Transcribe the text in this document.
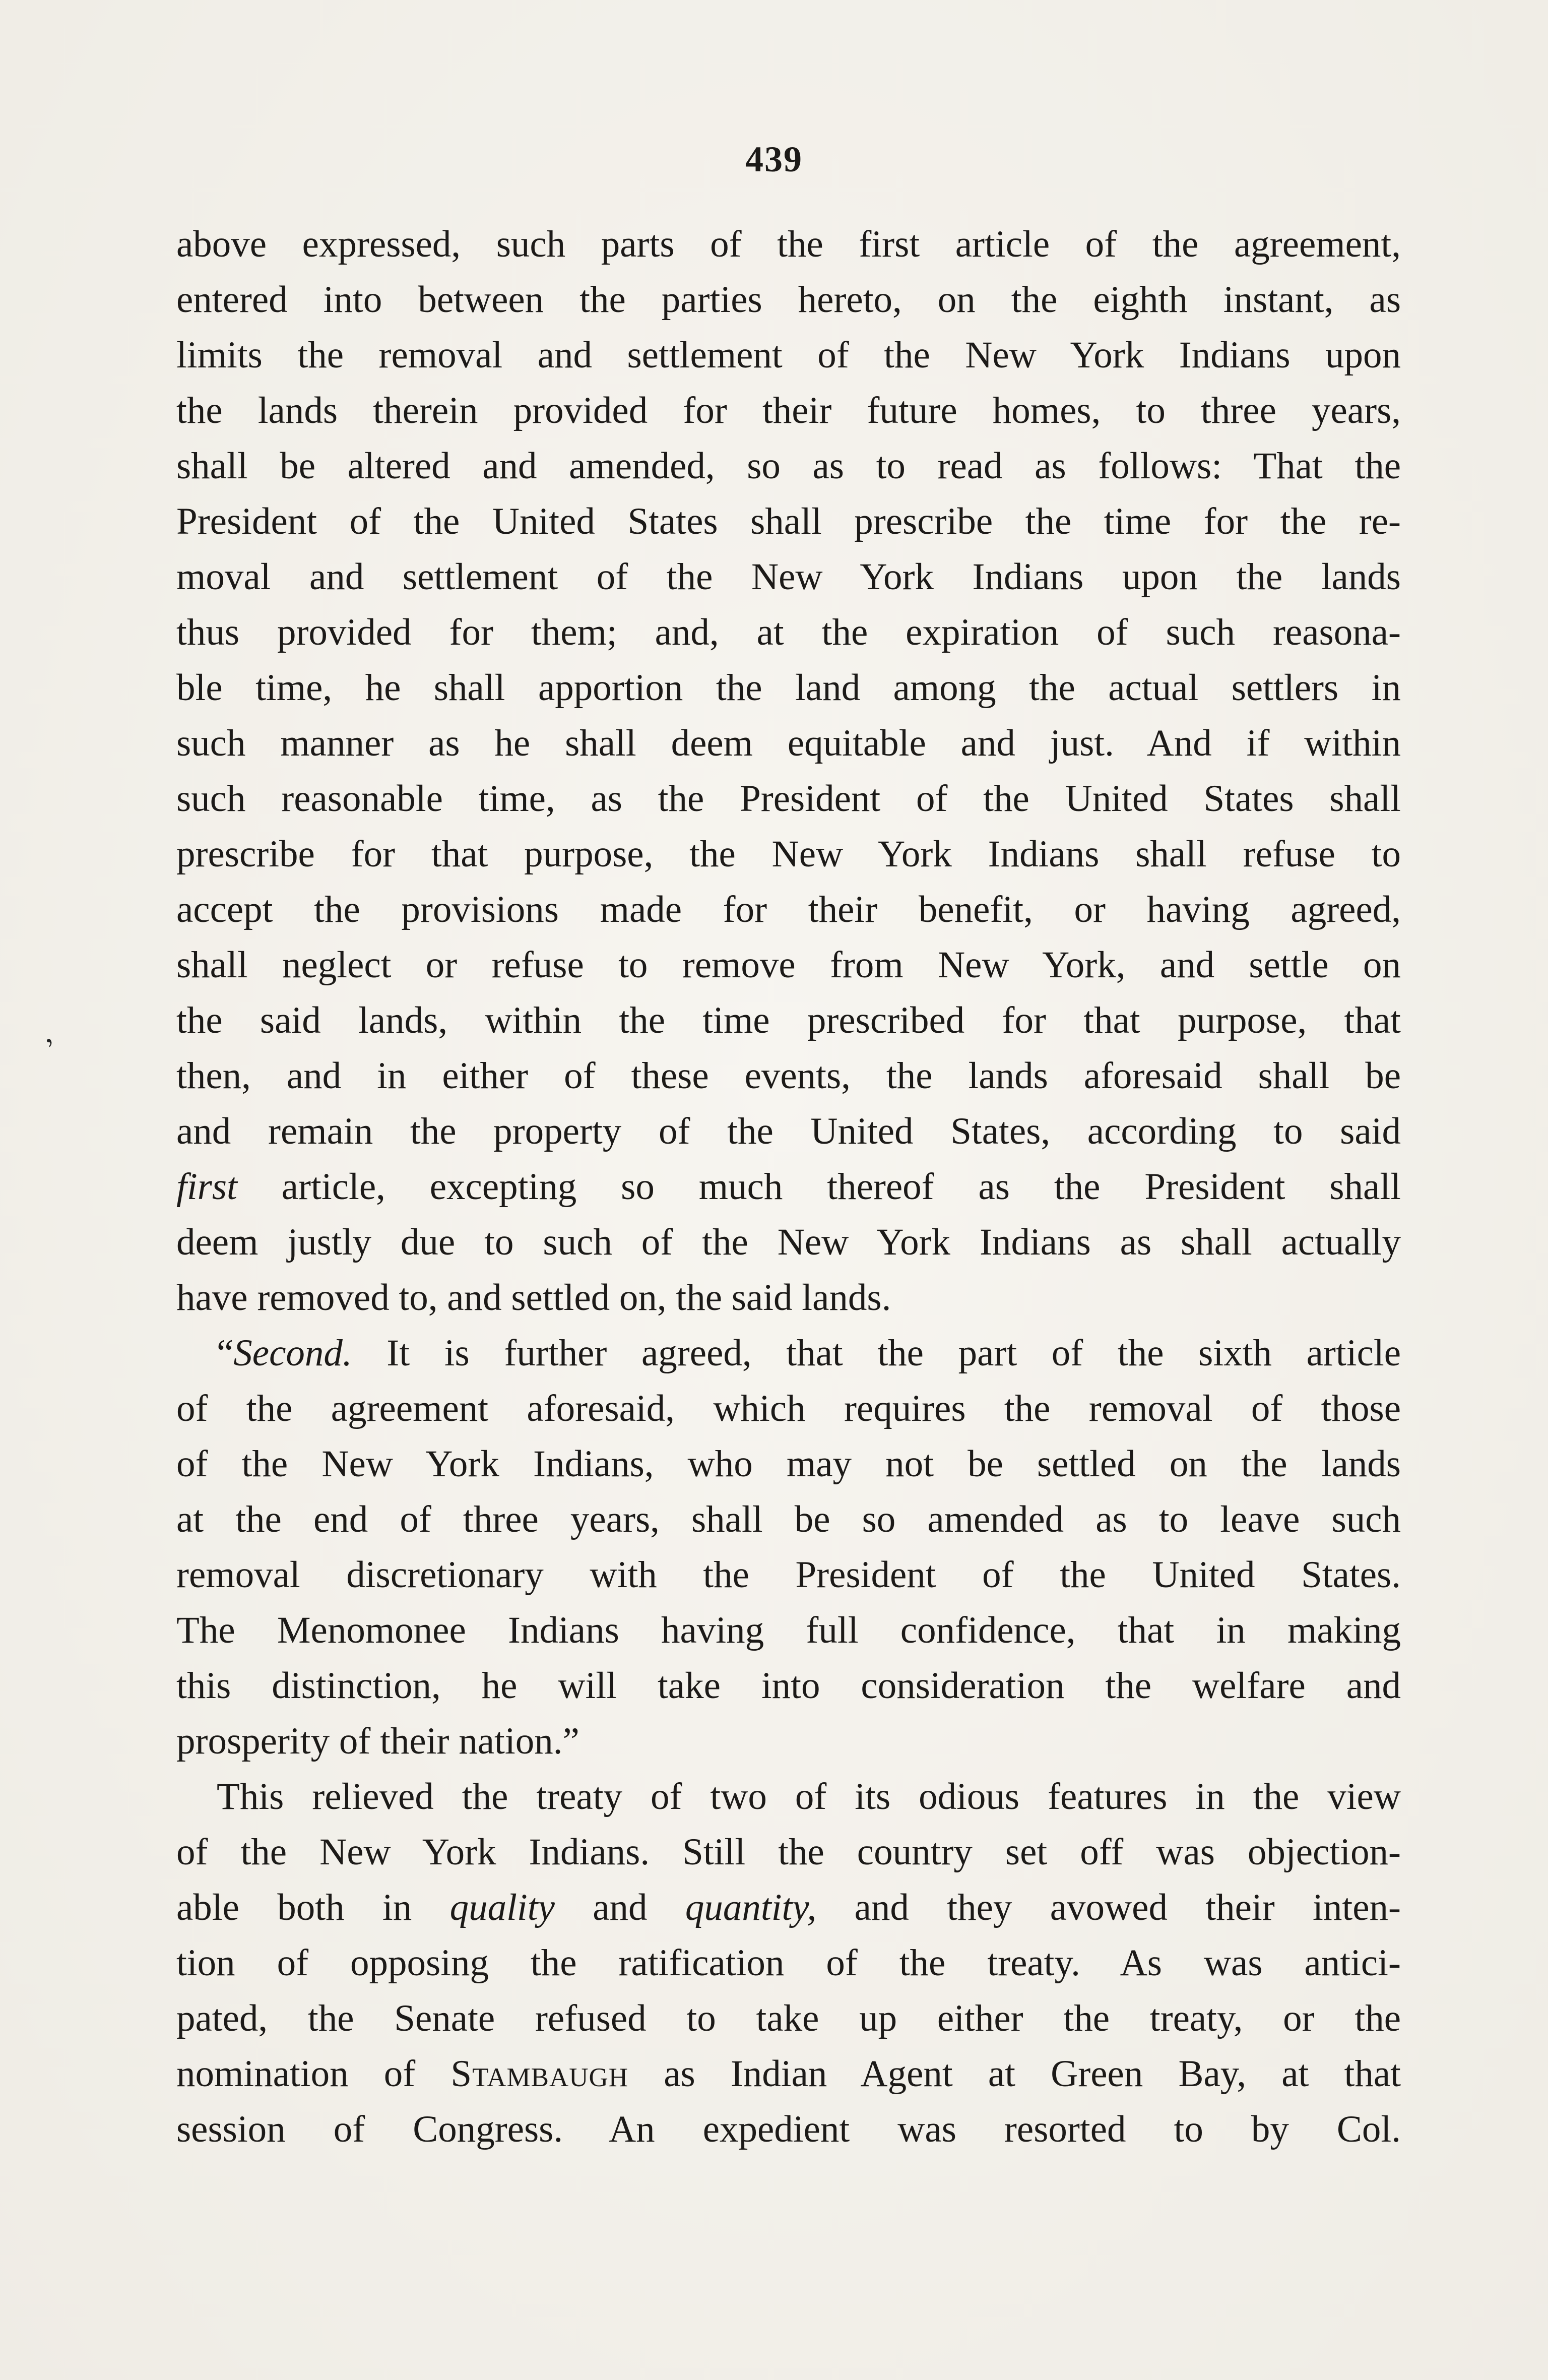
439
’
above expressed, such parts of the first article of the agreement,
entered into between the parties hereto, on the eighth instant, as
limits the removal and settlement of the New York Indians upon
the lands therein provided for their future homes, to three years,
shall be altered and amended, so as to read as follows: That the
President of the United States shall prescribe the time for the re-
moval and settlement of the New York Indians upon the lands
thus provided for them; and, at the expiration of such reasona-
ble time, he shall apportion the land among the actual settlers in
such manner as he shall deem equitable and just. And if within
such reasonable time, as the President of the United States shall
prescribe for that purpose, the New York Indians shall refuse to
accept the provisions made for their benefit, or having agreed,
shall neglect or refuse to remove from New York, and settle on
the said lands, within the time prescribed for that purpose, that
then, and in either of these events, the lands aforesaid shall be
and remain the property of the United States, according to said
first article, excepting so much thereof as the President shall
deem justly due to such of the New York Indians as shall actually
have removed to, and settled on, the said lands.
“Second. It is further agreed, that the part of the sixth article
of the agreement aforesaid, which requires the removal of those
of the New York Indians, who may not be settled on the lands
at the end of three years, shall be so amended as to leave such
removal discretionary with the President of the United States.
The Menomonee Indians having full confidence, that in making
this distinction, he will take into consideration the welfare and
prosperity of their nation.”
This relieved the treaty of two of its odious features in the view
of the New York Indians. Still the country set off was objection-
able both in quality and quantity, and they avowed their inten-
tion of opposing the ratification of the treaty. As was antici-
pated, the Senate refused to take up either the treaty, or the
nomination of Stambaugh as Indian Agent at Green Bay, at that
session of Congress. An expedient was resorted to by Col.
